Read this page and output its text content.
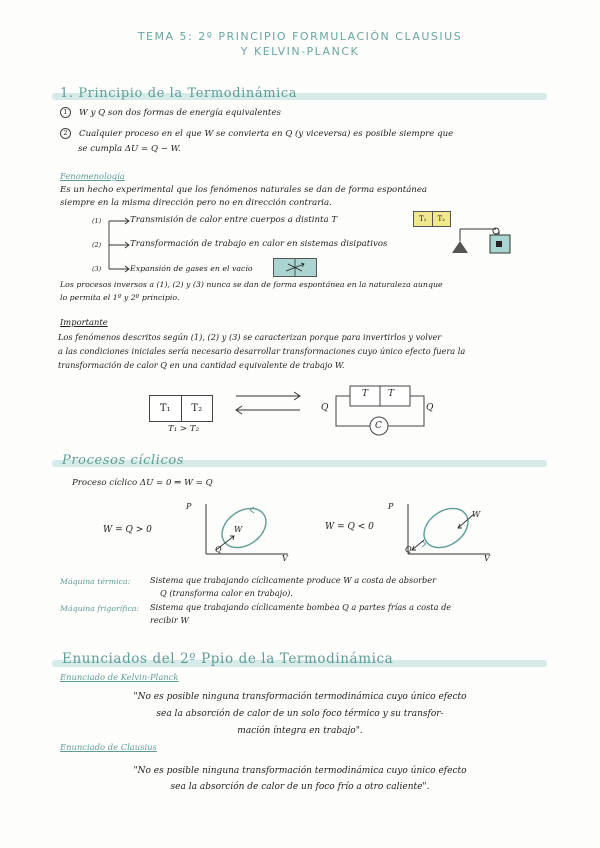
TEMA 5: 2º PRINCIPIO FORMULACIÓN CLAUSIUS
Y KELVIN-PLANCK
1. Principio de la Termodinámica
1 W y Q son dos formas de energía equivalentes
2 Cualquier proceso en el que W se convierta en Q (y viceversa) es posible siempre que
se cumpla ΔU = Q − W.
Fenomenología
Es un hecho experimental que los fenómenos naturales se dan de forma espontánea
siempre en la misma dirección pero no en dirección contraria.
(1)
(2)
(3)
Transmisión de calor entre cuerpos a distinta T
Transformación de trabajo en calor en sistemas disipativos
Expansión de gases en el vacío
T₁	T₂
Los procesos inversos a (1), (2) y (3) nunca se dan de forma espontánea en la naturaleza aunque
lo permita el 1º y 2º principio.
Importante
Los fenómenos descritos según (1), (2) y (3) se caracterizan porque para invertirlos y volver
a las condiciones iniciales sería necesario desarrollar transformaciones cuyo único efecto fuera la
transformación de calor Q en una cantidad equivalente de trabajo W.
T₁	T₂
T₁ > T₂
T T
Q	Q
C
Procesos cíclicos
Proceso cíclico ΔU = 0 ⇒ W = Q
W = Q > 0	W = Q < 0
P
V
W
Q
P
V
W
Q
Máquina térmica: Sistema que trabajando cíclicamente produce W a costa de absorber
Q (transforma calor en trabajo).
Máquina frigorífica: Sistema que trabajando cíclicamente bombea Q a partes frías a costa de
recibir W
Enunciados del 2º Ppio de la Termodinámica
Enunciado de Kelvin-Planck
"No es posible ninguna transformación termodinámica cuyo único efecto
sea la absorción de calor de un solo foco térmico y su transfor-
mación íntegra en trabajo".
Enunciado de Clausius
"No es posible ninguna transformación termodinámica cuyo único efecto
sea la absorción de calor de un foco frío a otro caliente".
